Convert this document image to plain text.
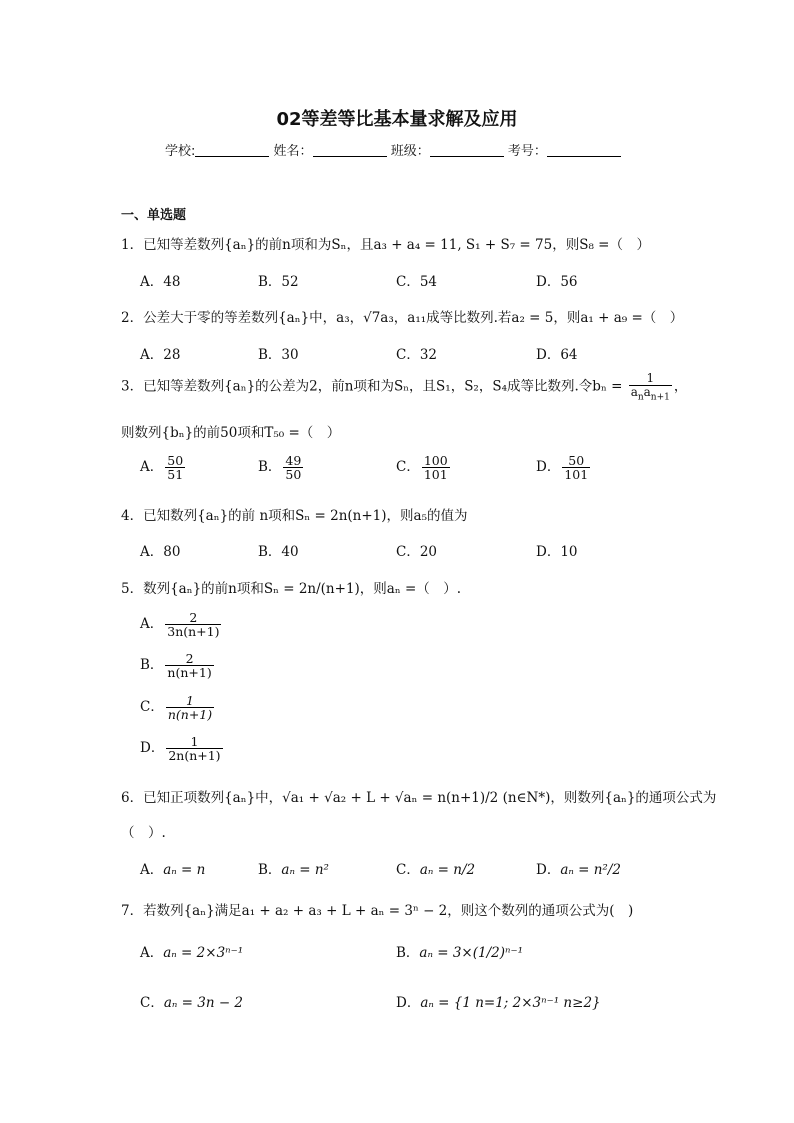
02等差等比基本量求解及应用
学校:	姓名：	班级：	考号：
一、单选题
1．已知等差数列{aₙ}的前n项和为Sₙ，且a₃ + a₄ = 11, S₁ + S₇ = 75，则S₈ =（　）
A．48	B．52	C．54	D．56
2．公差大于零的等差数列{aₙ}中，a₃，√7a₃，a₁₁成等比数列.若a₂ = 5，则a₁ + a₉ =（　）
A．28	B．30	C．32	D．64
3．已知等差数列{aₙ}的公差为2，前n项和为Sₙ，且S₁，S₂，S₄成等比数列.令$b_n = \frac{1}{a_na_{n+1}}$ ，
则数列{bₙ}的前50项和T₅₀ =（　）
A． $\frac{50}{51}$	B． $\frac{49}{50}$	C． $\frac{100}{101}$	D． $\frac{50}{101}$
4．已知数列{aₙ}的前 n项和Sₙ = 2n(n+1)，则a₅的值为
A．80	B．40	C．20	D．10
5．数列{aₙ}的前n项和Sₙ = 2n/(n+1)，则aₙ =（　）.
A． $\frac{2}{3n(n+1)}$
B． $\frac{2}{n(n+1)}$
C． $\frac{1}{n(n+1)}$
D． $\frac{1}{2n(n+1)}$
6．已知正项数列{aₙ}中，√a₁ + √a₂ + L + √aₙ = n(n+1)/2 (n∈N*)，则数列{aₙ}的通项公式为
（　）.
A．aₙ = n	B．aₙ = n²	C．aₙ = n/2	D．aₙ = n²/2
7．若数列{aₙ}满足a₁ + a₂ + a₃ + L + aₙ = 3ⁿ − 2，则这个数列的通项公式为(　)
A．aₙ = 2×3ⁿ⁻¹	B．aₙ = 3×(1/2)ⁿ⁻¹
C．aₙ = 3n − 2	D．aₙ = {1 n=1; 2×3ⁿ⁻¹ n≥2}
